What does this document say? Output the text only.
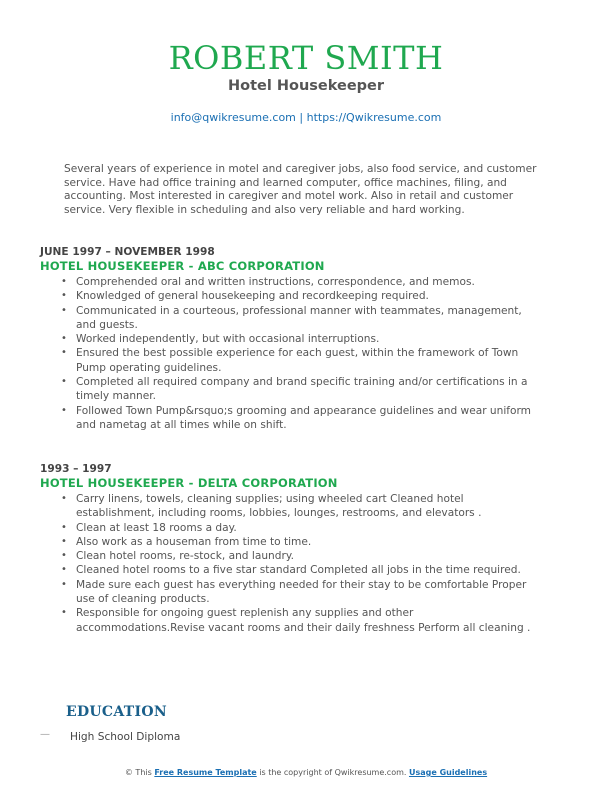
ROBERT SMITH
Hotel Housekeeper
info@qwikresume.com | https://Qwikresume.com
Several years of experience in motel and caregiver jobs, also food service, and customer service. Have had office training and learned computer, office machines, filing, and accounting. Most interested in caregiver and motel work. Also in retail and customer service. Very flexible in scheduling and also very reliable and hard working.
JUNE 1997 – NOVEMBER 1998
HOTEL HOUSEKEEPER - ABC CORPORATION
• Comprehended oral and written instructions, correspondence, and memos.
• Knowledged of general housekeeping and recordkeeping required.
• Communicated in a courteous, professional manner with teammates, management, and guests.
• Worked independently, but with occasional interruptions.
• Ensured the best possible experience for each guest, within the framework of Town Pump operating guidelines.
• Completed all required company and brand specific training and/or certifications in a timely manner.
• Followed Town Pump&rsquo;s grooming and appearance guidelines and wear uniform and nametag at all times while on shift.
1993 – 1997
HOTEL HOUSEKEEPER - DELTA CORPORATION
• Carry linens, towels, cleaning supplies; using wheeled cart Cleaned hotel establishment, including rooms, lobbies, lounges, restrooms, and elevators .
• Clean at least 18 rooms a day.
• Also work as a houseman from time to time.
• Clean hotel rooms, re-stock, and laundry.
• Cleaned hotel rooms to a five star standard Completed all jobs in the time required.
• Made sure each guest has everything needed for their stay to be comfortable Proper use of cleaning products.
• Responsible for ongoing guest replenish any supplies and other accommodations.Revise vacant rooms and their daily freshness Perform all cleaning .
EDUCATION
— High School Diploma
© This Free Resume Template is the copyright of Qwikresume.com. Usage Guidelines
